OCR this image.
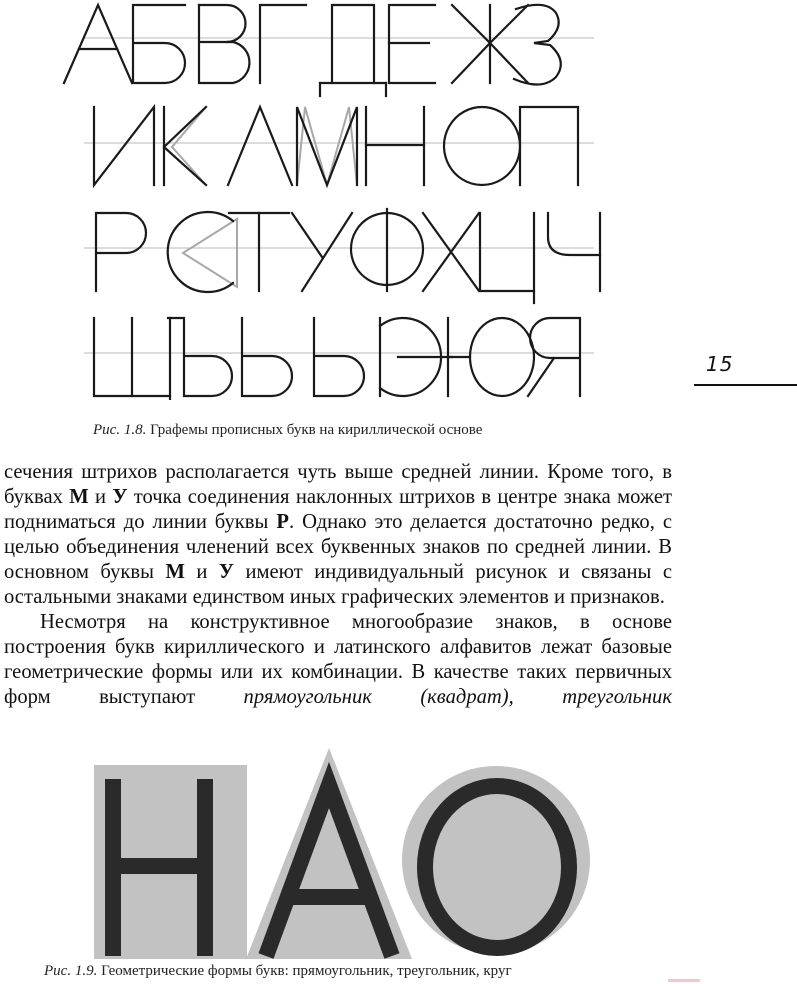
Рис. 1.8. Графемы прописных букв на кириллической основе
15

сечения штрихов располагается чуть выше средней линии. Кроме того, в буквах М и У точка соединения наклонных штрихов в центре знака может подниматься до линии буквы Р. Однако это делается достаточно редко, с целью объединения членений всех буквенных знаков по средней линии. В основном буквы М и У имеют индивидуальный рисунок и связаны с остальными знаками единством иных графических элементов и признаков.

Несмотря на конструктивное многообразие знаков, в основе построения букв кириллического и латинского алфавитов лежат базовые геометрические формы или их комбинации. В качестве таких первичных форм выступают прямоугольник (квадрат), треугольник

Рис. 1.9. Геометрические формы букв: прямоугольник, треугольник, круг
